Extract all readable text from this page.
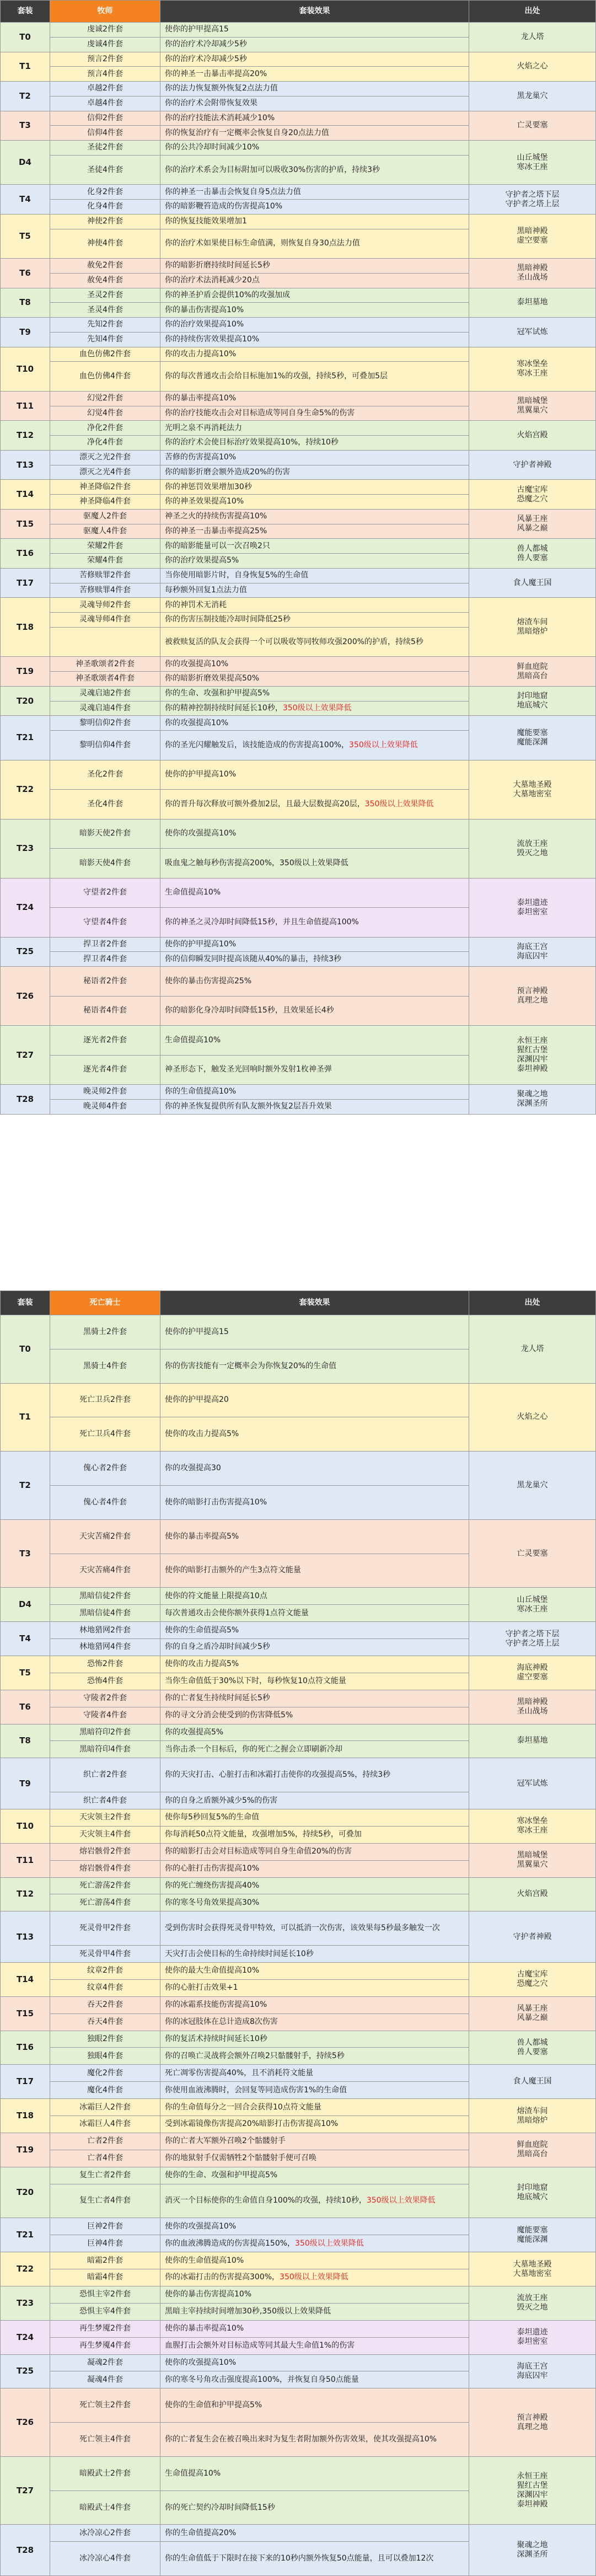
套装	牧师	套装效果	出处
T0	虔诚2件套	使你的护甲提高15	龙人塔
	虔诚4件套	你的治疗术冷却减少5秒	
T1	预言2件套	你的治疗术冷却减少5秒	火焰之心
	预言4件套	你的神圣一击暴击率提高20%	
T2	卓越2件套	你的法力恢复额外恢复2点法力值	黑龙巢穴
	卓越4件套	你的治疗术会附带恢复效果	
T3	信仰2件套	你的治疗技能法术消耗减少10%	亡灵要塞
	信仰4件套	你的恢复治疗有一定概率会恢复自身20点法力值	
D4	圣徒2件套	你的公共冷却时间减少10%	山丘城堡
寒冰王座
	圣徒4件套	你的治疗术系会为目标附加可以吸收30%伤害的护盾，持续3秒	
T4	化身2件套	你的神圣一击暴击会恢复自身5点法力值	守护者之塔下层
守护者之塔上层
	化身4件套	你的暗影鞭笞造成的伤害提高10%	
T5	神使2件套	你的恢复技能效果增加1	黑暗神殿
虚空要塞
	神使4件套	你的治疗术如果使目标生命值满，则恢复自身30点法力值	
T6	赦免2件套	你的暗影折磨持续时间延长5秒	黑暗神殿
圣山战场
	赦免4件套	你的治疗术法消耗减少20点	
T8	圣灵2件套	你的神圣护盾会提供10%的攻强加成	泰坦墓地
	圣灵4件套	你的暴击伤害提高10%	
T9	先知2件套	你的治疗效果提高10%	冠军试炼
	先知4件套	你的持续伤害效果提高10%	
T10	血色仿佛2件套	你的攻击力提高10%	寒冰堡垒
寒冰王座
	血色仿佛4件套	你的每次普通攻击会给目标施加1%的攻强，持续5秒，可叠加5层	
T11	幻觉2件套	你的暴击率提高10%	黑暗城堡
黑翼巢穴
	幻觉4件套	你的治疗技能攻击会对目标造成等同自身生命5%的伤害	
T12	净化2件套	光明之泉不再消耗法力	火焰宫殿
	净化4件套	你的治疗术会使目标治疗效果提高10%，持续10秒	
T13	漂灭之光2件套	苦修的伤害提高10%	守护者神殿
	漂灭之光4件套	你的暗影折磨会额外造成20%的伤害	
T14	神圣降临2件套	你的神惩罚效果增加30秒	古魔宝库
恐魔之穴
	神圣降临4件套	你的神圣效果提高10%	
T15	驱魔人2件套	神圣之火的持续伤害提高10%	风暴王座
风暴之巅
	驱魔人4件套	你的神圣一击暴击率提高25%	
T16	荣耀2件套	你的暗影能量可以一次召唤2只	兽人都城
兽人要塞
	荣耀4件套	你的治疗效果提高5%	
T17	苦修赎罪2件套	当你使用暗影片时，自身恢复5%的生命值	食人魔王国
	苦修赎罪4件套	每秒额外回复1点法力值	
T18	灵魂导师2件套	你的神罚术无消耗	熔渣车间
黑暗熔炉
	灵魂导师4件套	你的伤害压制技能冷却时间降低25秒	
		被救赎复活的队友会获得一个可以吸收等同牧师攻强200%的护盾，持续5秒	
T19	神圣歌颂者2件套	你的攻强提高10%	鲜血庭院
黑暗高台
	神圣歌颂者4件套	你的暗影折磨效果提高50%	
T20	灵魂启迪2件套	你的生命、攻强和护甲提高5%	封印地窟
地底城穴
	灵魂启迪4件套	你的精神控制持续时间延长10秒，350级以上效果降低	
T21	黎明信仰2件套	你的攻强提高10%	魔能要塞
魔能深渊
	黎明信仰4件套	你的圣光闪耀触发后，该技能造成的伤害提高100%，350级以上效果降低	
T22	圣化2件套	使你的护甲提高10%	大墓地圣殿
大墓地密室
	圣化4件套	你的晋升每次释放可额外叠加2层，且最大层数提高20层，350级以上效果降低	
T23	暗影天使2件套	使你的攻强提高10%	流放王座
毁灭之地
	暗影天使4件套	吸血鬼之触每秒伤害提高200%，350级以上效果降低	
T24	守望者2件套	生命值提高10%	泰坦遗迹
泰坦密室
	守望者4件套	你的神圣之灵冷却时间降低15秒，并且生命值提高100%	
T25	捍卫者2件套	使你的护甲提高10%	海底王宫
海底囚牢
	捍卫者4件套	你的信仰瞬发同时提高该随从40%的暴击，持续3秒	
T26	秘语者2件套	使你的暴击伤害提高25%	预言神殿
真理之地
	秘语者4件套	你的暗影化身冷却时间降低15秒，且效果延长4秒	
T27	逐光者2件套	生命值提高10%	永恒王座
猩红古堡
深渊囚牢
泰坦神殿
	逐光者4件套	神圣形态下，触发圣光回响时额外发射1枚神圣弹	
T28	晚灵师2件套	你的生命值提高10%	聚魂之地
深渊圣所
	晚灵师4件套	你的神圣恢复提供所有队友额外恢复2层吾升效果	
套装	死亡骑士	套装效果	出处
T0	黑骑士2件套	使你的护甲提高15	龙人塔
	黑骑士4件套	你的伤害技能有一定概率会为你恢复20%的生命值	
T1	死亡卫兵2件套	使你的护甲提高20	火焰之心
	死亡卫兵4件套	使你的攻击力提高5%	
T2	傀心者2件套	你的攻强提高30	黑龙巢穴
	傀心者4件套	使你的暗影打击伤害提高10%	
T3	天灾苦痛2件套	使你的暴击率提高5%	亡灵要塞
	天灾苦痛4件套	使你的暗影打击额外的产生3点符文能量	
D4	黑暗信徒2件套	使你的符文能量上限提高10点	山丘城堡
寒冰王座
	黑暗信徒4件套	每次普通攻击会使你额外获得1点符文能量	
T4	林地猎网2件套	使你的生命值提高5%	守护者之塔下层
守护者之塔上层
	林地猎网4件套	你的自身之盾冷却时间减少5秒	
T5	恐怖2件套	使你的攻击力提高5%	海底神殿
虚空要塞
	恐怖4件套	当你生命值低于30%以下时，每秒恢复10点符文能量	
T6	守陵者2件套	你的亡者复生持续时间延长5秒	黑暗神殿
圣山战场
	守陵者4件套	你的寻文分消会使受到的伤害降低5%	
T8	黑暗符印2件套	你的攻强提高5%	泰坦墓地
	黑暗符印4件套	当你击杀一个目标后，你的死亡之握会立即刷新冷却	
T9	织亡者2件套	你的天灾打击、心脏打击和冰霜打击使你的攻强提高5%，持续3秒	冠军试炼
	织亡者4件套	你的自身之盾额外减少5%的伤害	
T10	天灾领主2件套	使你每5秒回复5%的生命值	寒冰堡垒
寒冰王座
	天灾领主4件套	你每消耗50点符文能量，攻强增加5%，持续5秒，可叠加	
T11	熔岩骸骨2件套	你的暗影打击会对目标造成等同自身生命值20%的伤害	黑暗城堡
黑翼巢穴
	熔岩骸骨4件套	你的心脏打击伤害提高10%	
T12	死亡游荡2件套	你的死亡缠绕伤害提高40%	火焰宫殿
	死亡游荡4件套	你的寒冬号角效果提高30%	
T13	死灵骨甲2件套	受到伤害时会获得死灵骨甲特效，可以抵消一次伤害，该效果每5秒最多触发一次	守护者神殿
	死灵骨甲4件套	天灾打击会使目标的生命持续时间延长10秒	
T14	纹章2件套	使你的最大生命值提高10%	古魔宝库
恐魔之穴
	纹章4件套	你的心脏打击效果+1	
T15	吞天2件套	你的冰霜系技能伤害提高10%	风暴王座
风暴之巅
	吞天4件套	你的冰冠肢体在总计造成8次伤害	
T16	独眼2件套	你的复活术持续时间延长10秒	兽人都城
兽人要塞
	独眼4件套	你的召唤亡灵战将会额外召唤2只骷髅射手，持续5秒	
T17	魔化2件套	死亡凋零伤害提高40%，且不消耗符文能量	食人魔王国
	魔化4件套	你使用血液沸腾时，会回复等同造成伤害1%的生命值	
T18	冰霜巨人2件套	你的生命值每分之一回合会获得10点符文能量	熔渣车间
黑暗熔炉
	冰霜巨人4件套	受到冰霜镜像伤害提高20%暗影打击伤害提高10%	
T19	亡者2件套	你的亡者大军额外召唤2个骷髅射手	鲜血庭院
黑暗高台
	亡者4件套	你的地狱射手仅需牺牲2个骷髅射手便可召唤	
T20	复生亡者2件套	使你的生命、攻强和护甲提高5%	封印地窟
地底城穴
	复生亡者4件套	消灭一个目标使你的生命值自身100%的攻强，持续10秒，350级以上效果降低	
T21	巨神2件套	使你的攻强提高10%	魔能要塞
魔能深渊
	巨神4件套	你的血液沸腾造成的伤害提高150%，350级以上效果降低	
T22	暗霜2件套	使你的生命值提高10%	大墓地圣殿
大墓地密室
	暗霜4件套	你的冰霜打击的伤害提高300%，350级以上效果降低	
T23	恐惧主宰2件套	使你的暴击伤害提高10%	流放王座
毁灭之地
	恐惧主宰4件套	黑暗主宰持续时间增加30秒,350级以上效果降低	
T24	再生梦魇2件套	使你的暴击率提高10%	泰坦遗迹
泰坦密室
	再生梦魇4件套	血腥打击会额外对目标造成等同其最大生命值1%的伤害	
T25	凝魂2件套	使你的攻强提高10%	海底王宫
海底囚牢
	凝魂4件套	你的寒冬号角攻击强度提高100%，并恢复自身50点能量	
T26	死亡领主2件套	使你的生命值和护甲提高5%	预言神殿
真理之地
	死亡领主4件套	你的亡者复生会在被召唤出来时为复生者附加额外伤害效果，使其攻强提高10%	
T27	暗殿武士2件套	生命值提高10%	永恒王座
猩红古堡
深渊囚牢
泰坦神殿
	暗殿武士4件套	你的死亡契约冷却时间降低15秒	
T28	冰冷凉心2件套	你的生命值提高20%	聚魂之地
深渊圣所
	冰冷凉心4件套	你的生命值低于下限时在接下来的10秒内额外恢复50点能量，且可以叠加12次	
